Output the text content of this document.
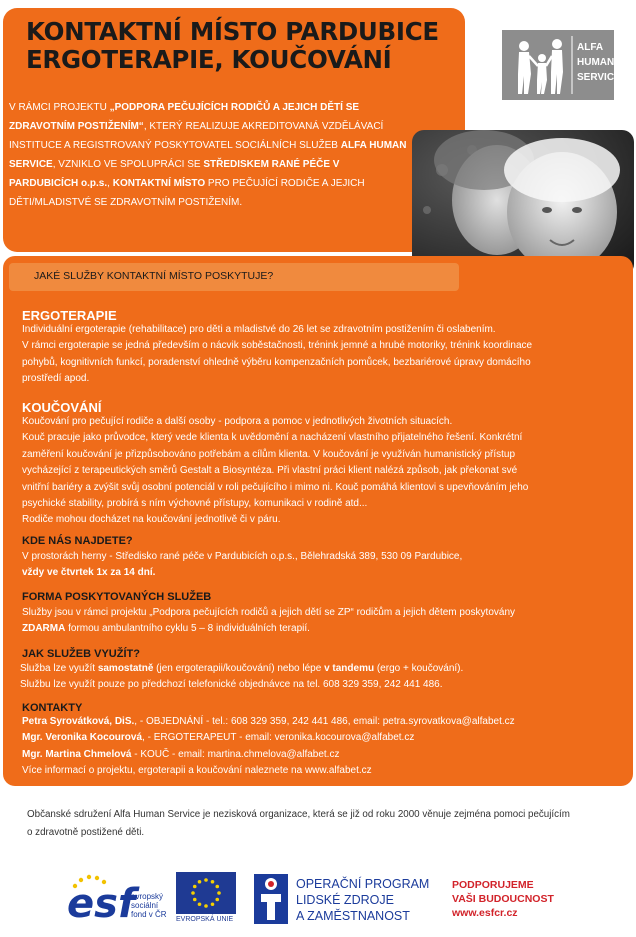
KONTAKTNÍ MÍSTO PARDUBICE
ERGOTERAPIE, KOUČOVÁNÍ
V RÁMCI PROJEKTU „PODPORA PEČUJÍCÍCH RODIČŮ A JEJICH DĚTÍ SE ZDRAVOTNÍM POSTIŽENÍM“, KTERÝ REALIZUJE AKREDITOVANÁ VZDĚLÁVACÍ INSTITUCE A REGISTROVANÝ POSKYTOVATEL SOCIÁLNÍCH SLUŽEB ALFA HUMAN SERVICE, VZNIKLO VE SPOLUPRÁCI SE STŘEDISKEM RANÉ PÉČE V PARDUBICÍCH o.p.s., KONTAKTNÍ MÍSTO PRO PEČUJÍCÍ RODIČE A JEJICH DĚTI/MLADISTVÉ SE ZDRAVOTNÍM POSTIŽENÍM.
ALFA
HUMAN
SERVICE
JAKÉ SLUŽBY KONTAKTNÍ MÍSTO POSKYTUJE?
ERGOTERAPIE
Individuální ergoterapie (rehabilitace) pro děti a mladistvé do 26 let se zdravotním postižením či oslabením.
V rámci ergoterapie se jedná především o nácvik soběstačnosti, trénink jemné a hrubé motoriky, trénink koordinace
pohybů, kognitivních funkcí, poradenství ohledně výběru kompenzačních pomůcek, bezbariérové úpravy domácího
prostředí apod.
KOUČOVÁNÍ
Koučování pro pečující rodiče a další osoby - podpora a pomoc v jednotlivých životních situacích.
Kouč pracuje jako průvodce, který vede klienta k uvědomění a nacházení vlastního přijatelného řešení. Konkrétní
zaměření koučování je přizpůsobováno potřebám a cílům klienta. V koučování je využíván humanistický přístup
vycházející z terapeutických směrů Gestalt a Biosyntéza. Při vlastní práci klient nalézá způsob, jak překonat své
vnitřní bariéry a zvýšit svůj osobní potenciál v roli pečujícího i mimo ni. Kouč pomáhá klientovi s upevňováním jeho
psychické stability, probírá s ním výchovné přístupy, komunikaci v rodině atd...
Rodiče mohou docházet na koučování jednotlivě či v páru.
KDE NÁS NAJDETE?
V prostorách herny - Středisko rané péče v Pardubicích o.p.s., Bělehradská 389, 530 09 Pardubice,
vždy ve čtvrtek 1x za 14 dní.
FORMA POSKYTOVANÝCH SLUŽEB
Služby jsou v rámci projektu „Podpora pečujících rodičů a jejich dětí se ZP“ rodičům a jejich dětem poskytovány
ZDARMA formou ambulantního cyklu 5 – 8 individuálních terapií.
JAK SLUŽEB VYUŽÍT?
Služba lze využít samostatně (jen ergoterapii/koučování) nebo lépe v tandemu (ergo + koučování).
Službu lze využít pouze po předchozí telefonické objednávce na tel. 608 329 359, 242 441 486.
KONTAKTY
Petra Syrovátková, DiS., - OBJEDNÁNÍ - tel.: 608 329 359, 242 441 486, email: petra.syrovatkova@alfabet.cz
Mgr. Veronika Kocourová, - ERGOTERAPEUT - email: veronika.kocourova@alfabet.cz
Mgr. Martina Chmelová - KOUČ - email: martina.chmelova@alfabet.cz
Více informací o projektu, ergoterapii a koučování naleznete na www.alfabet.cz
Občanské sdružení Alfa Human Service je nezisková organizace, která se již od roku 2000 věnuje zejména pomoci pečujícím
o zdravotně postižené děti.
esf
evropský
sociální
fond v ČR
EVROPSKÁ UNIE
OPERAČNÍ PROGRAM
LIDSKÉ ZDROJE
A ZAMĚSTNANOST
PODPORUJEME
VAŠI BUDOUCNOST
www.esfcr.cz
